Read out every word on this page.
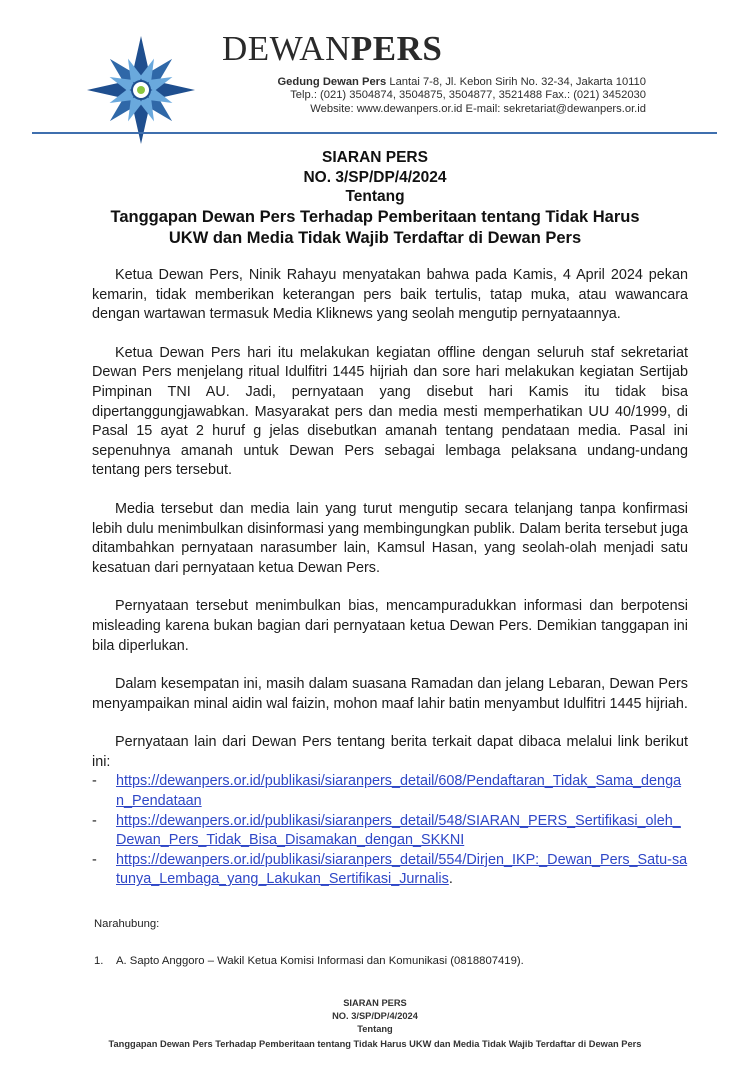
DEWANPERS
Gedung Dewan Pers Lantai 7-8, Jl. Kebon Sirih No. 32-34, Jakarta 10110
Telp.: (021) 3504874, 3504875, 3504877, 3521488 Fax.: (021) 3452030
Website: www.dewanpers.or.id E-mail: sekretariat@dewanpers.or.id
SIARAN PERS
NO. 3/SP/DP/4/2024
Tentang
Tanggapan Dewan Pers Terhadap Pemberitaan tentang Tidak Harus
UKW dan Media Tidak Wajib Terdaftar di Dewan Pers

Ketua Dewan Pers, Ninik Rahayu menyatakan bahwa pada Kamis, 4 April 2024 pekan kemarin, tidak memberikan keterangan pers baik tertulis, tatap muka, atau wawancara dengan wartawan termasuk Media Kliknews yang seolah mengutip pernyataannya.

Ketua Dewan Pers hari itu melakukan kegiatan offline dengan seluruh staf sekretariat Dewan Pers menjelang ritual Idulfitri 1445 hijriah dan sore hari melakukan kegiatan Sertijab Pimpinan TNI AU. Jadi, pernyataan yang disebut hari Kamis itu tidak bisa dipertanggungjawabkan. Masyarakat pers dan media mesti memperhatikan UU 40/1999, di Pasal 15 ayat 2 huruf g jelas disebutkan amanah tentang pendataan media. Pasal ini sepenuhnya amanah untuk Dewan Pers sebagai lembaga pelaksana undang-undang tentang pers tersebut.

Media tersebut dan media lain yang turut mengutip secara telanjang tanpa konfirmasi lebih dulu menimbulkan disinformasi yang membingungkan publik. Dalam berita tersebut juga ditambahkan pernyataan narasumber lain, Kamsul Hasan, yang seolah-olah menjadi satu kesatuan dari pernyataan ketua Dewan Pers.

Pernyataan tersebut menimbulkan bias, mencampuradukkan informasi dan berpotensi misleading karena bukan bagian dari pernyataan ketua Dewan Pers. Demikian tanggapan ini bila diperlukan.

Dalam kesempatan ini, masih dalam suasana Ramadan dan jelang Lebaran, Dewan Pers menyampaikan minal aidin wal faizin, mohon maaf lahir batin menyambut Idulfitri 1445 hijriah.

Pernyataan lain dari Dewan Pers tentang berita terkait dapat dibaca melalui link berikut ini:

- https://dewanpers.or.id/publikasi/siaranpers_detail/608/Pendaftaran_Tidak_Sama_dengan_Pendataan
- https://dewanpers.or.id/publikasi/siaranpers_detail/548/SIARAN_PERS_Sertifikasi_oleh_Dewan_Pers_Tidak_Bisa_Disamakan_dengan_SKKNI
- https://dewanpers.or.id/publikasi/siaranpers_detail/554/Dirjen_IKP:_Dewan_Pers_Satu-satunya_Lembaga_yang_Lakukan_Sertifikasi_Jurnalis.
Narahubung:
1. A. Sapto Anggoro – Wakil Ketua Komisi Informasi dan Komunikasi (0818807419).
SIARAN PERS
NO. 3/SP/DP/4/2024
Tentang
Tanggapan Dewan Pers Terhadap Pemberitaan tentang Tidak Harus UKW dan Media Tidak Wajib Terdaftar di Dewan Pers
